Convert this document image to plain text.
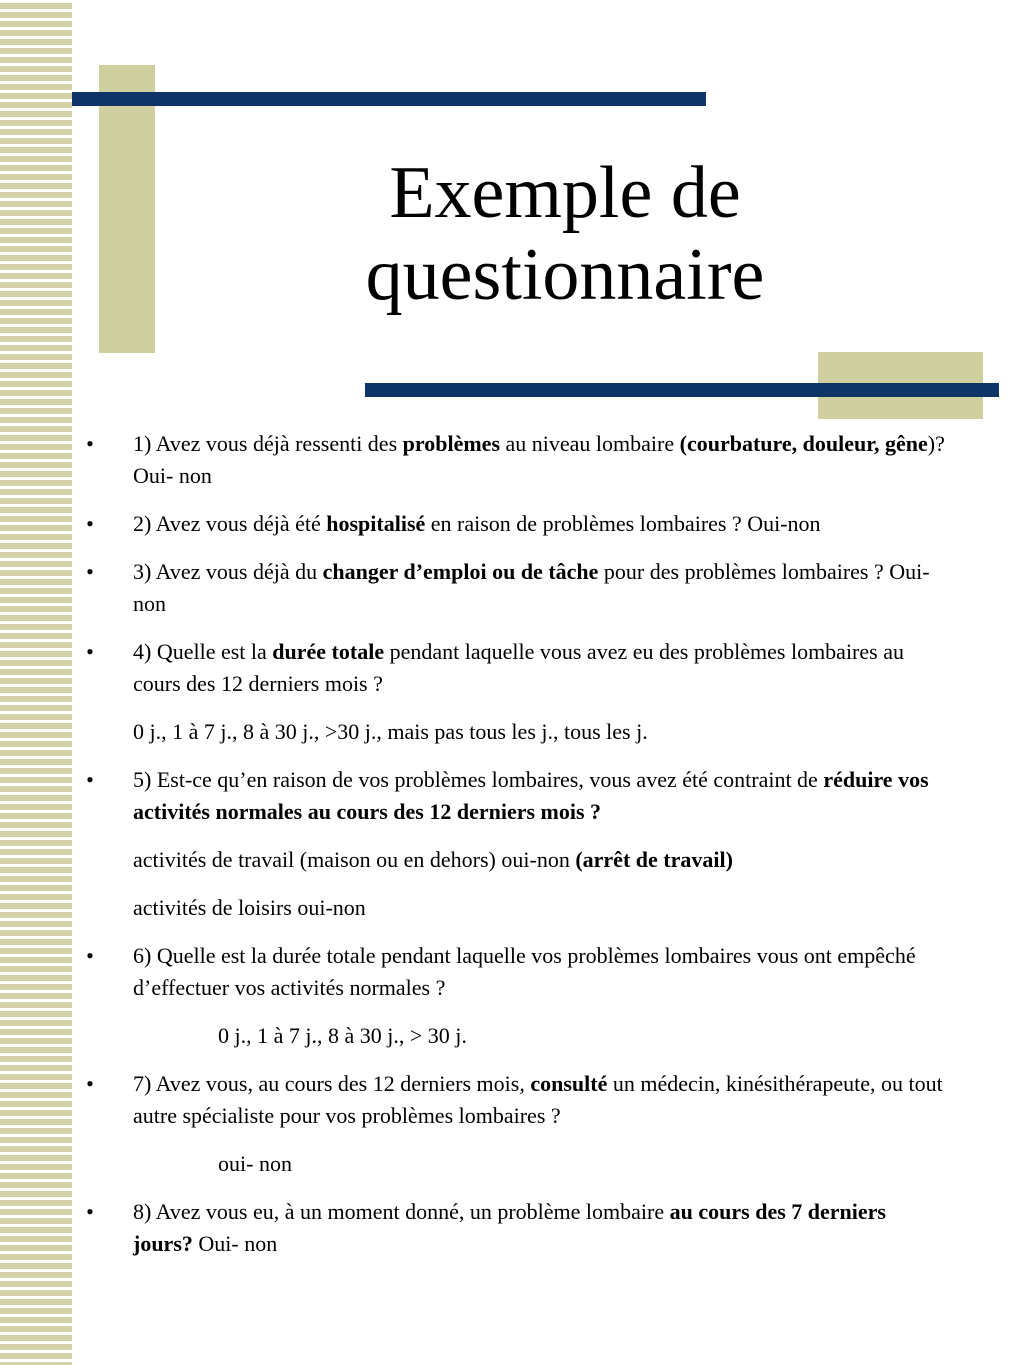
Exemple de
questionnaire
• 1) Avez vous déjà ressenti des problèmes au niveau lombaire (courbature, douleur, gêne)? Oui- non
• 2) Avez vous déjà été hospitalisé en raison de problèmes lombaires ? Oui-non
• 3) Avez vous déjà du changer d’emploi ou de tâche pour des problèmes lombaires ? Oui- non
• 4) Quelle est la durée totale pendant laquelle vous avez eu des problèmes lombaires au cours des 12 derniers mois ?
0 j., 1 à 7 j., 8 à 30 j., >30 j., mais pas tous les j., tous les j.
• 5) Est-ce qu’en raison de vos problèmes lombaires, vous avez été contraint de réduire vos activités normales au cours des 12 derniers mois ?
activités de travail (maison ou en dehors) oui-non (arrêt de travail)
activités de loisirs oui-non
• 6) Quelle est la durée totale pendant laquelle vos problèmes lombaires vous ont empêché d’effectuer vos activités normales ?
0 j., 1 à 7 j., 8 à 30 j., > 30 j.
• 7) Avez vous, au cours des 12 derniers mois, consulté un médecin, kinésithérapeute, ou tout autre spécialiste pour vos problèmes lombaires ?
oui- non
• 8) Avez vous eu, à un moment donné, un problème lombaire au cours des 7 derniers jours? Oui- non
